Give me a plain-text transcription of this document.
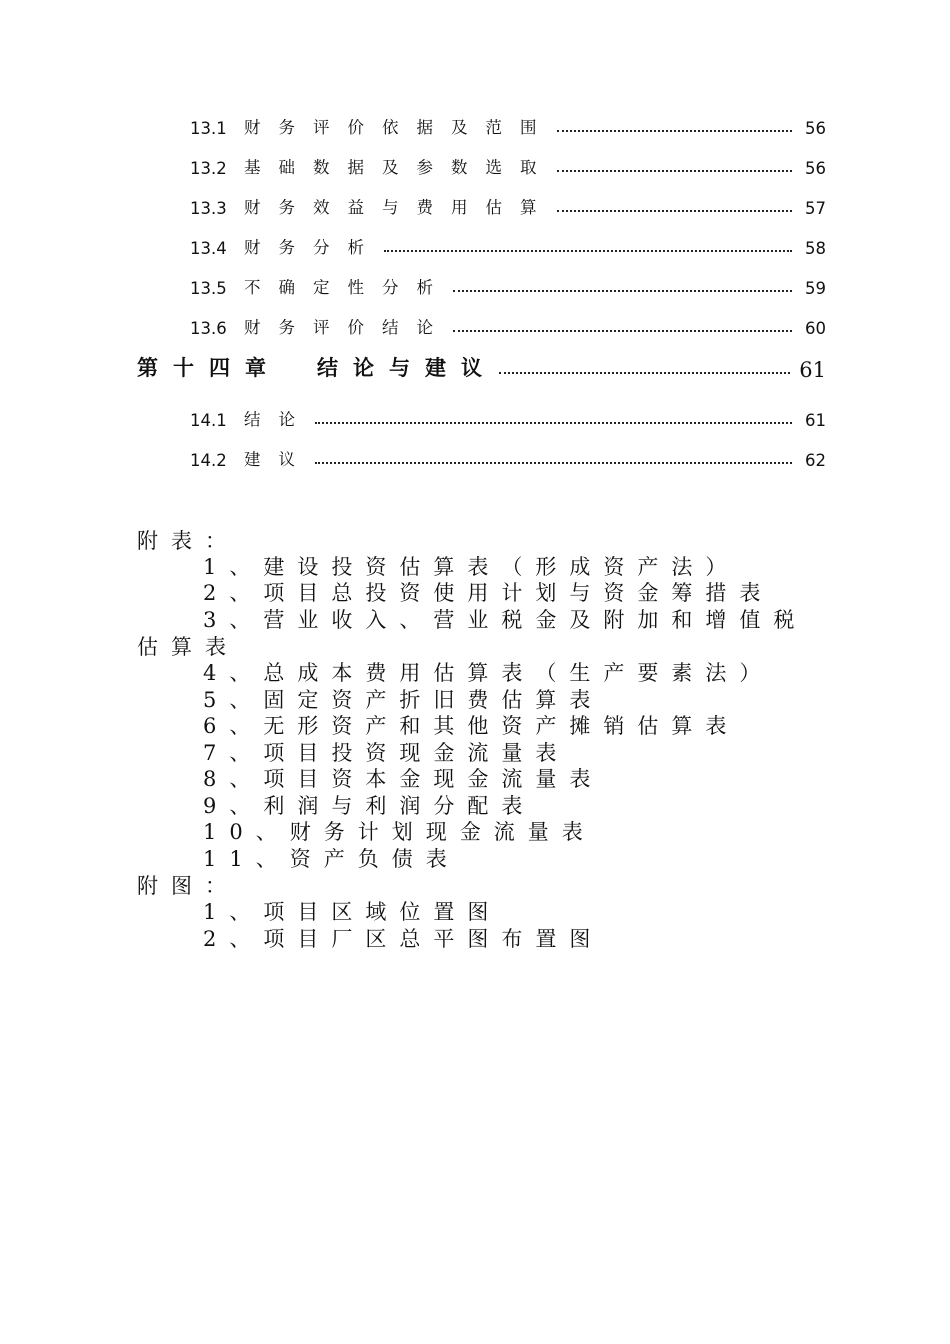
13.1	财务评价依据及范围	56
13.2	基础数据及参数选取	56
13.3	财务效益与费用估算	57
13.4	财务分析	58
13.5	不确定性分析	59
13.6	财务评价结论	60
第十四章	结论与建议	61
14.1	结论	61
14.2	建议	62
附表：
1、建设投资估算表（形成资产法）
2、项目总投资使用计划与资金筹措表
3、营业收入、营业税金及附加和增值税
估算表
4、总成本费用估算表（生产要素法）
5、固定资产折旧费估算表
6、无形资产和其他资产摊销估算表
7、项目投资现金流量表
8、项目资本金现金流量表
9、利润与利润分配表
10、财务计划现金流量表
11、资产负债表
附图：
1、项目区域位置图
2、项目厂区总平图布置图
